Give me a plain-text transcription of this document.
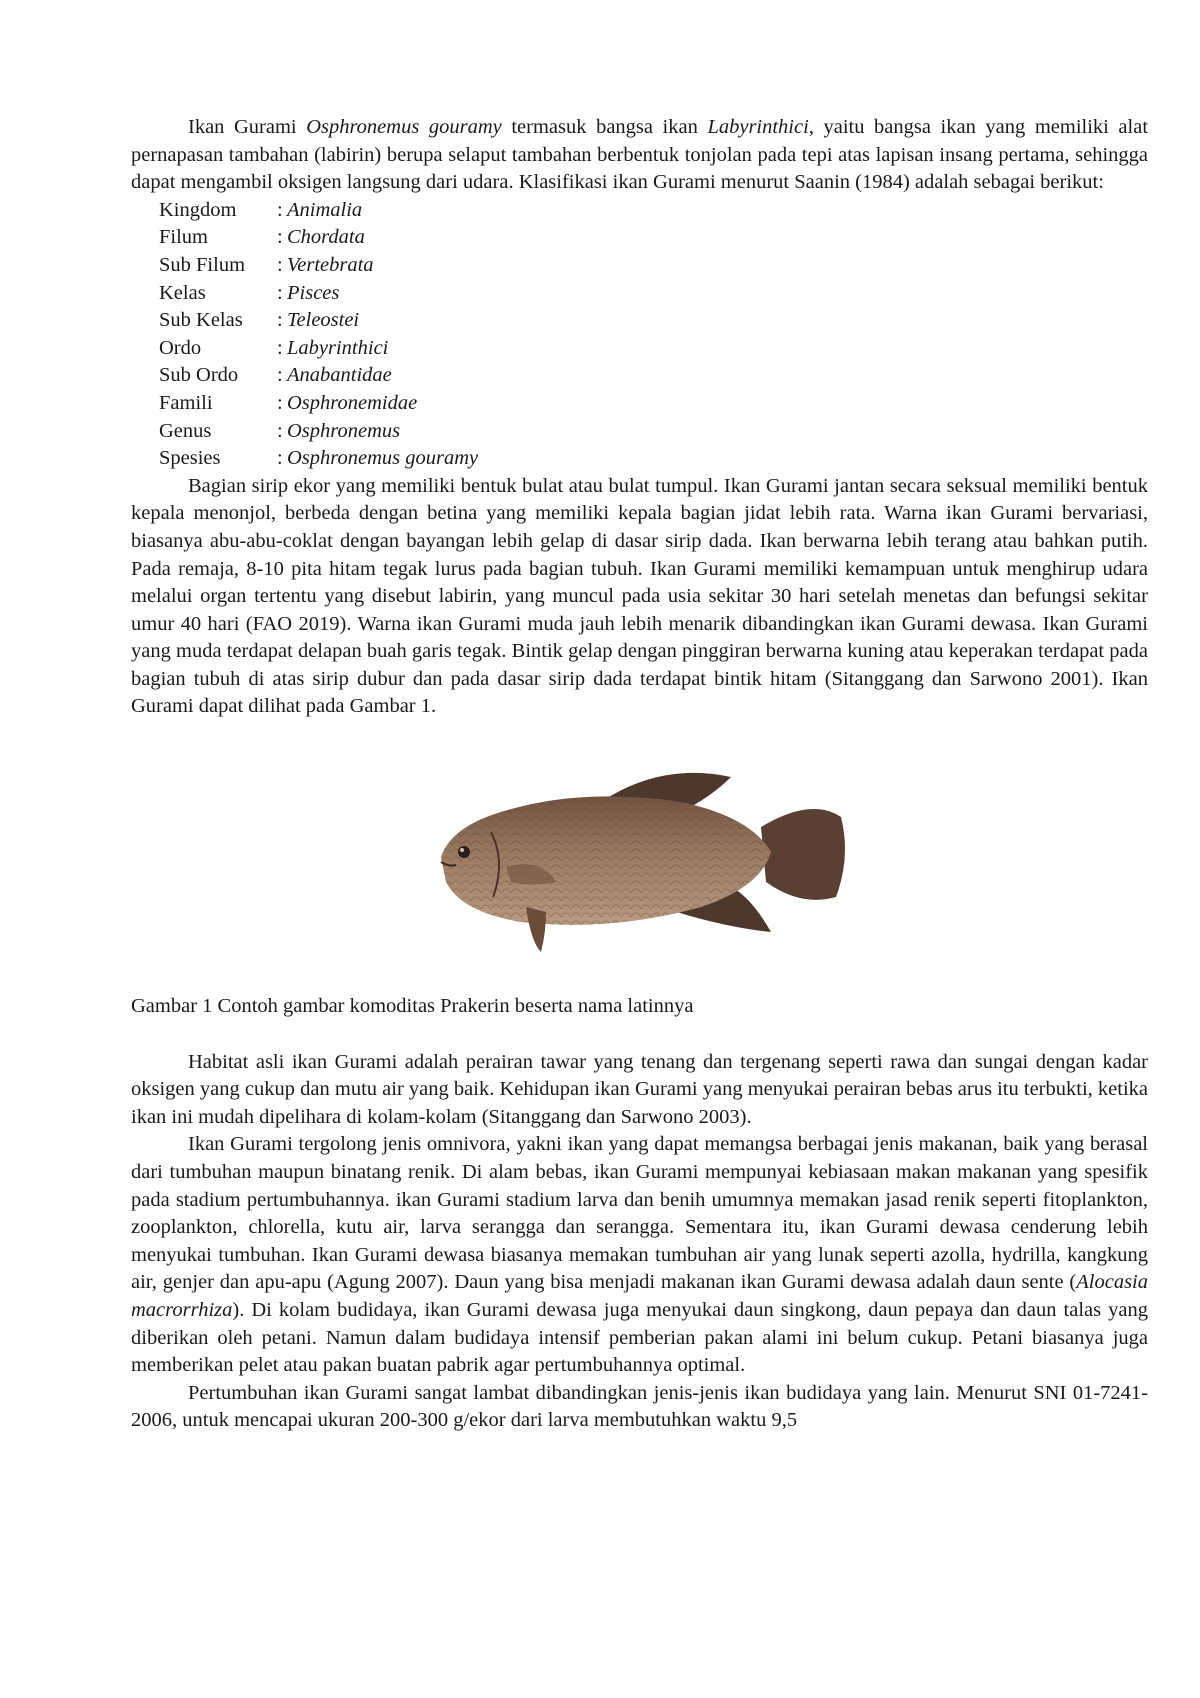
Ikan Gurami Osphronemus gouramy termasuk bangsa ikan Labyrinthici, yaitu bangsa ikan yang memiliki alat pernapasan tambahan (labirin) berupa selaput tambahan berbentuk tonjolan pada tepi atas lapisan insang pertama, sehingga dapat mengambil oksigen langsung dari udara. Klasifikasi ikan Gurami menurut Saanin (1984) adalah sebagai berikut:

Kingdom	: Animalia
Filum	: Chordata
Sub Filum	: Vertebrata
Kelas	: Pisces
Sub Kelas	: Teleostei
Ordo	: Labyrinthici
Sub Ordo	: Anabantidae
Famili	: Osphronemidae
Genus	: Osphronemus
Spesies	: Osphronemus gouramy

Bagian sirip ekor yang memiliki bentuk bulat atau bulat tumpul. Ikan Gurami jantan secara seksual memiliki bentuk kepala menonjol, berbeda dengan betina yang memiliki kepala bagian jidat lebih rata. Warna ikan Gurami bervariasi, biasanya abu-abu-coklat dengan bayangan lebih gelap di dasar sirip dada. Ikan berwarna lebih terang atau bahkan putih. Pada remaja, 8-10 pita hitam tegak lurus pada bagian tubuh. Ikan Gurami memiliki kemampuan untuk menghirup udara melalui organ tertentu yang disebut labirin, yang muncul pada usia sekitar 30 hari setelah menetas dan befungsi sekitar umur 40 hari (FAO 2019). Warna ikan Gurami muda jauh lebih menarik dibandingkan ikan Gurami dewasa. Ikan Gurami yang muda terdapat delapan buah garis tegak. Bintik gelap dengan pinggiran berwarna kuning atau keperakan terdapat pada bagian tubuh di atas sirip dubur dan pada dasar sirip dada terdapat bintik hitam (Sitanggang dan Sarwono 2001). Ikan Gurami dapat dilihat pada Gambar 1.

Gambar 1 Contoh gambar komoditas Prakerin beserta nama latinnya

Habitat asli ikan Gurami adalah perairan tawar yang tenang dan tergenang seperti rawa dan sungai dengan kadar oksigen yang cukup dan mutu air yang baik. Kehidupan ikan Gurami yang menyukai perairan bebas arus itu terbukti, ketika ikan ini mudah dipelihara di kolam-kolam (Sitanggang dan Sarwono 2003).

Ikan Gurami tergolong jenis omnivora, yakni ikan yang dapat memangsa berbagai jenis makanan, baik yang berasal dari tumbuhan maupun binatang renik. Di alam bebas, ikan Gurami mempunyai kebiasaan makan makanan yang spesifik pada stadium pertumbuhannya. ikan Gurami stadium larva dan benih umumnya memakan jasad renik seperti fitoplankton, zooplankton, chlorella, kutu air, larva serangga dan serangga. Sementara itu, ikan Gurami dewasa cenderung lebih menyukai tumbuhan. Ikan Gurami dewasa biasanya memakan tumbuhan air yang lunak seperti azolla, hydrilla, kangkung air, genjer dan apu-apu (Agung 2007). Daun yang bisa menjadi makanan ikan Gurami dewasa adalah daun sente (Alocasia macrorrhiza). Di kolam budidaya, ikan Gurami dewasa juga menyukai daun singkong, daun pepaya dan daun talas yang diberikan oleh petani. Namun dalam budidaya intensif pemberian pakan alami ini belum cukup. Petani biasanya juga memberikan pelet atau pakan buatan pabrik agar pertumbuhannya optimal.

Pertumbuhan ikan Gurami sangat lambat dibandingkan jenis-jenis ikan budidaya yang lain. Menurut SNI 01-7241-2006, untuk mencapai ukuran 200-300 g/ekor dari larva membutuhkan waktu 9,5
